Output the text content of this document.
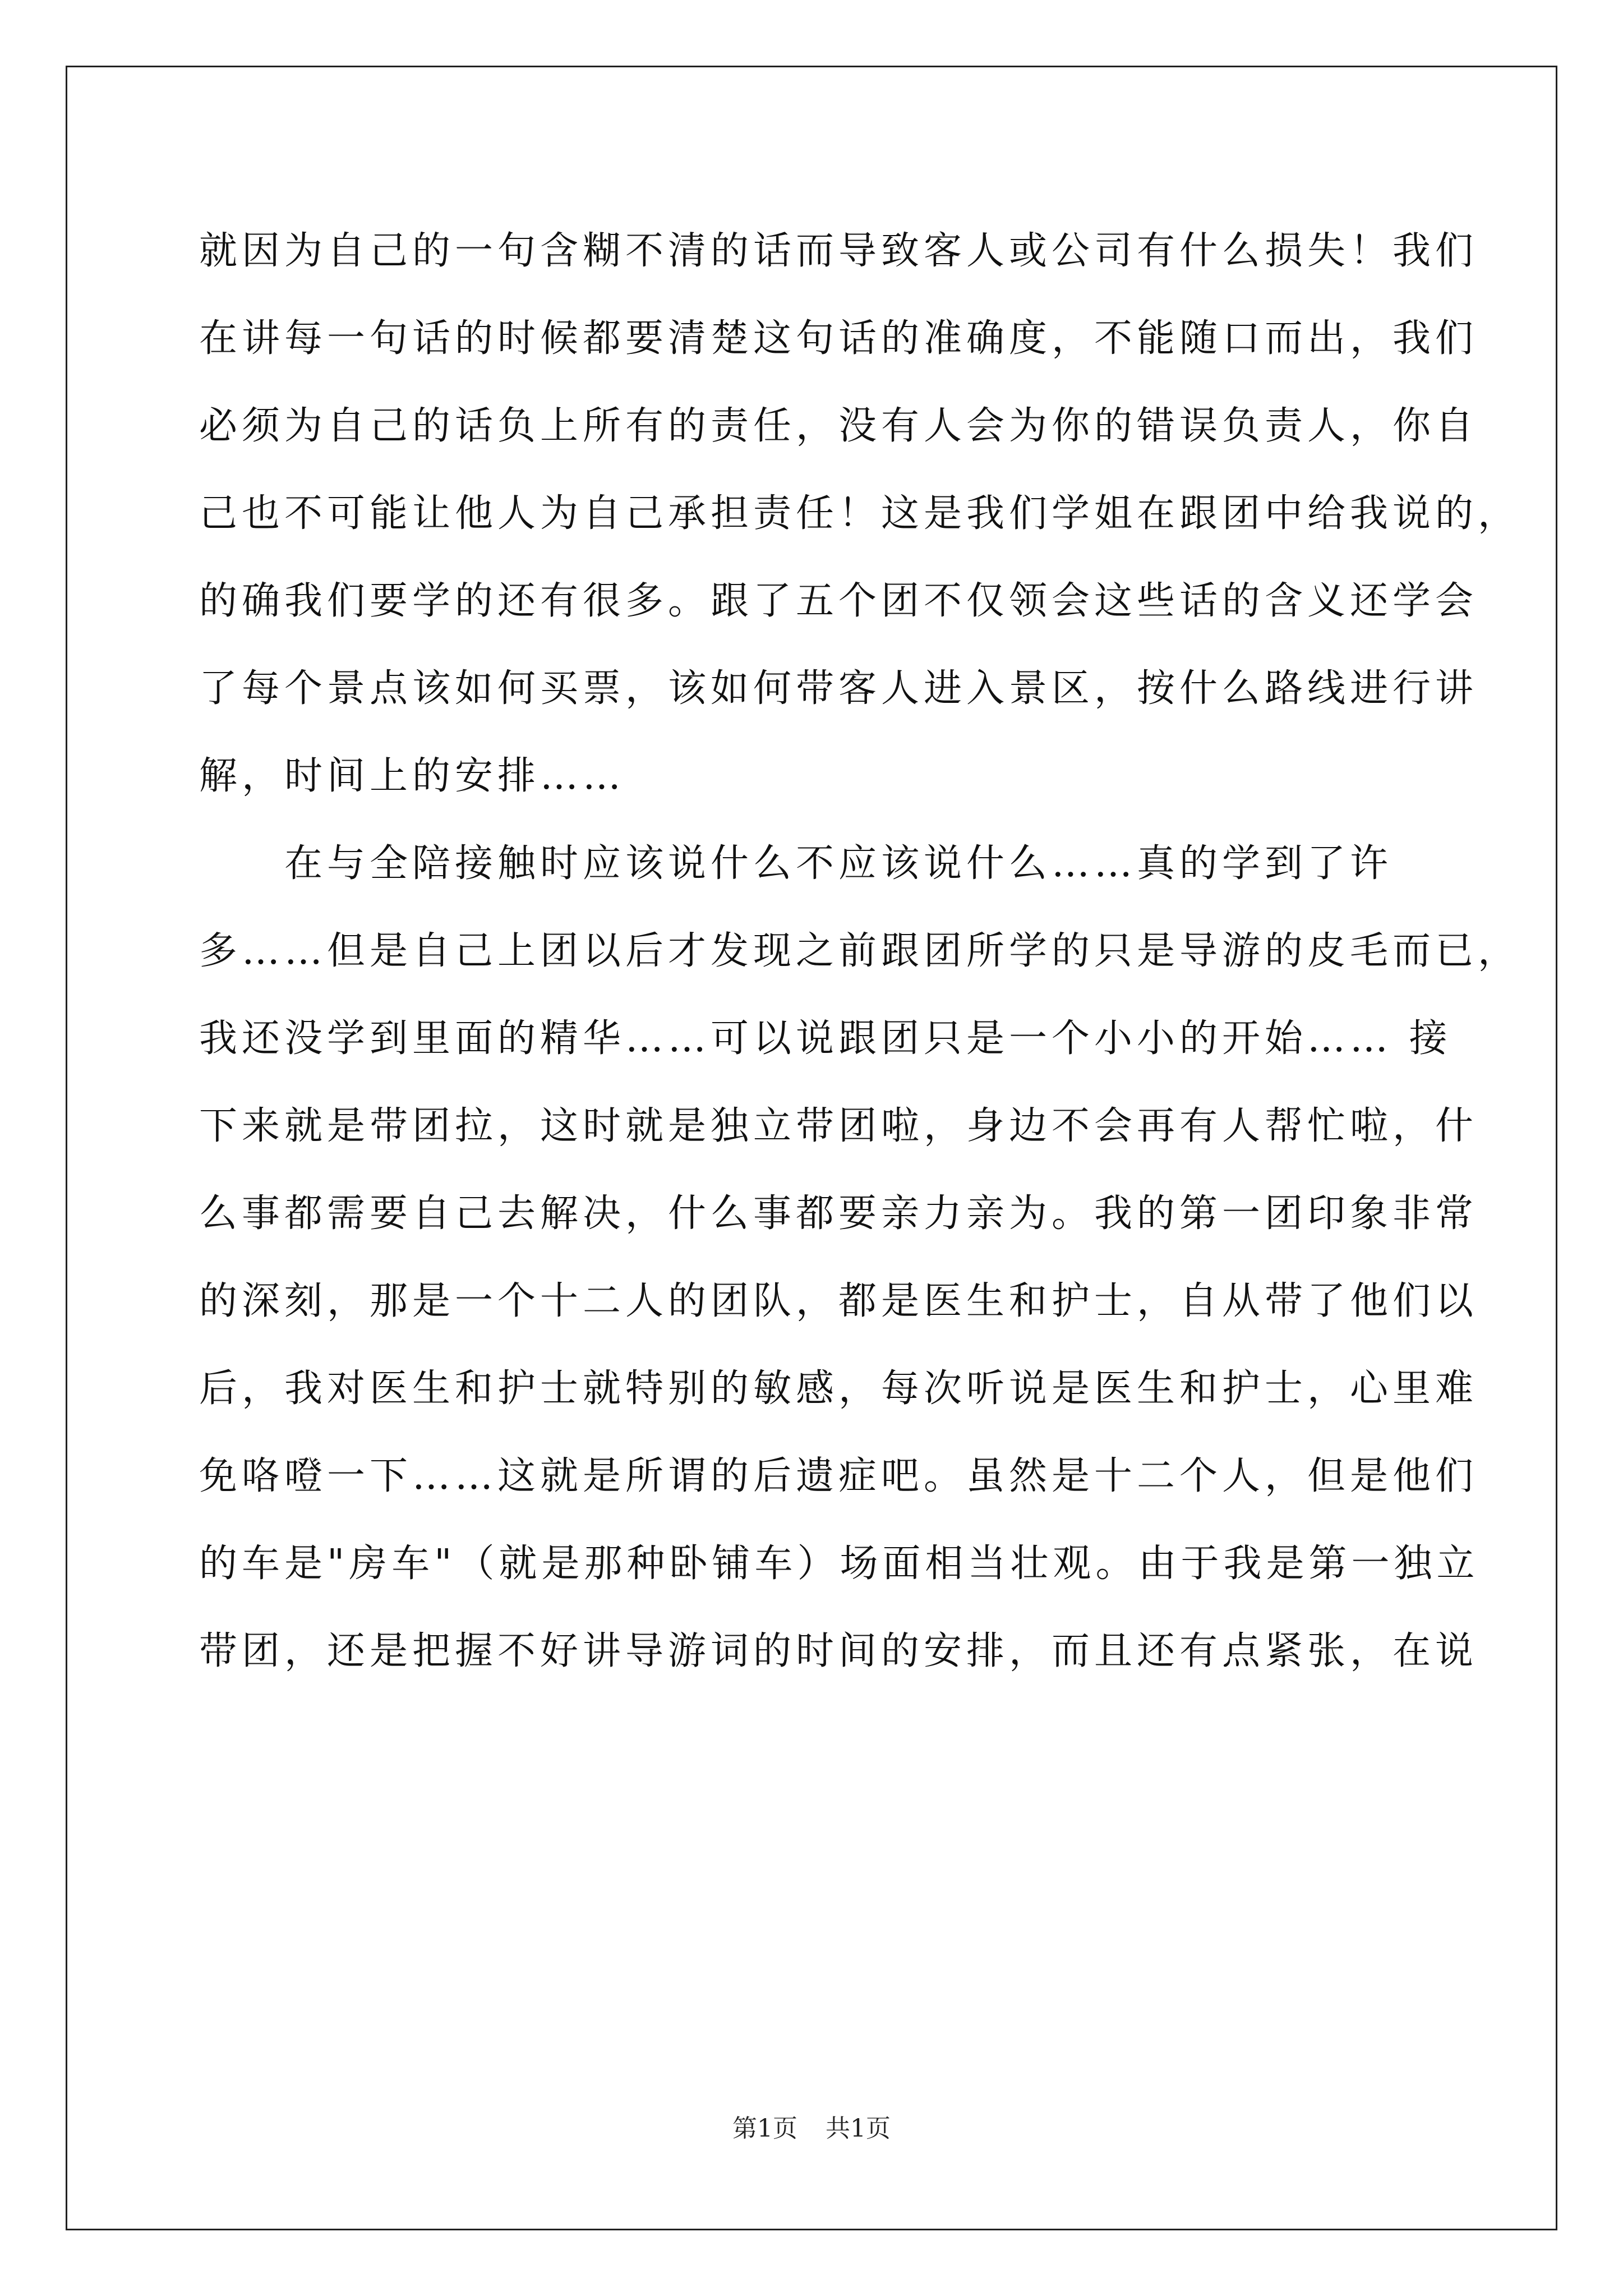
就因为自己的一句含糊不清的话而导致客人或公司有什么损失！我们
在讲每一句话的时候都要清楚这句话的准确度，不能随口而出，我们
必须为自己的话负上所有的责任，没有人会为你的错误负责人，你自
己也不可能让他人为自己承担责任！这是我们学姐在跟团中给我说的，
的确我们要学的还有很多。跟了五个团不仅领会这些话的含义还学会
了每个景点该如何买票，该如何带客人进入景区，按什么路线进行讲
解，时间上的安排……
在与全陪接触时应该说什么不应该说什么……真的学到了许
多……但是自己上团以后才发现之前跟团所学的只是导游的皮毛而已，
我还没学到里面的精华……可以说跟团只是一个小小的开始…… 接
下来就是带团拉，这时就是独立带团啦，身边不会再有人帮忙啦，什
么事都需要自己去解决，什么事都要亲力亲为。我的第一团印象非常
的深刻，那是一个十二人的团队，都是医生和护士，自从带了他们以
后，我对医生和护士就特别的敏感，每次听说是医生和护士，心里难
免咯噔一下……这就是所谓的后遗症吧。虽然是十二个人，但是他们
的车是"房车"（就是那种卧铺车）场面相当壮观。由于我是第一独立
带团，还是把握不好讲导游词的时间的安排，而且还有点紧张，在说
第1页 共1页
